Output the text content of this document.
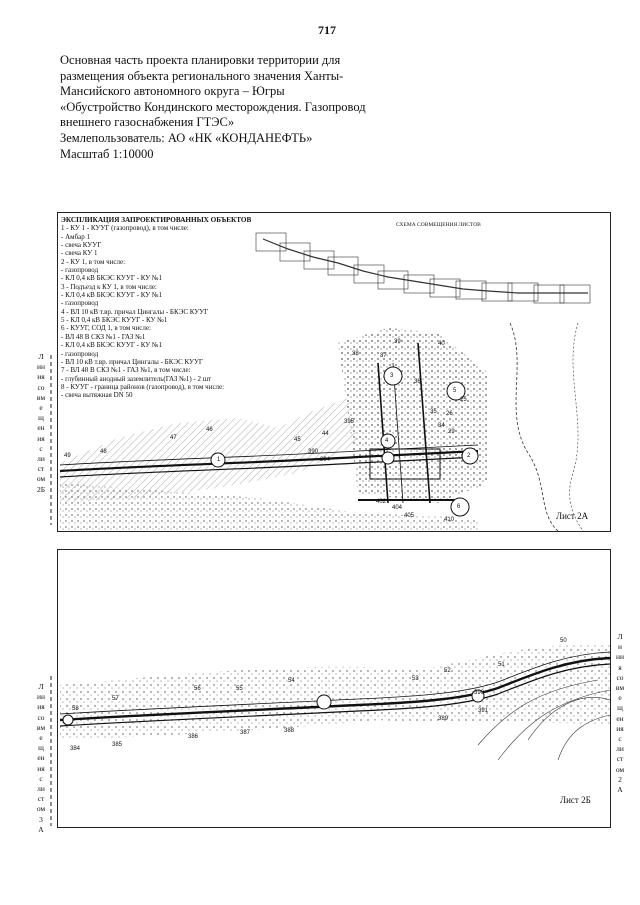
717
Основная часть проекта планировки территории для
размещения объекта регионального значения Ханты-
Мансийского автономного округа – Югры
«Обустройство Кондинского месторождения. Газопровод
внешнего газоснабжения ГТЭС»
Землепользователь: АО «НК «КОНДАНЕФТЬ»
Масштаб 1:10000
Л
ин
ия
со
вм
е
щ
ен
ия
с
ли
ст
ом
2Б
ЭКСПЛИКАЦИЯ ЗАПРОЕКТИРОВАННЫХ ОБЪЕКТОВ
1 - КУ 1 - КУУГ (газопровод), в том числе:
- Амбар 1
- свеча КУУГ
- свеча КУ 1
2 - КУ 1, в том числе:
- газопровод
- КЛ 0,4 кВ БКЭС КУУГ - КУ №1
3 - Подъезд к КУ 1, в том числе:
- КЛ 0,4 кВ БКЭС КУУГ - КУ №1
- газопровод
4 - ВЛ 10 кВ т.вр. причал Цингалы - БКЭС КУУГ
5 - КЛ 0,4 кВ БКЭС КУУГ - КУ №1
6 - КУУГ, СОД 1, в том числе:
- ВЛ 48 В СКЗ №1 - ГАЗ №1
- КЛ 0,4 кВ БКЭС КУУГ - КУ №1
- газопровод
- ВЛ 10 кВ т.вр. причал Цингалы - БКЭС КУУГ
7 - ВЛ 48 В СКЗ №1 - ГАЗ №1, в том числе:
- глубинный анодный заземлитель(ГАЗ №1) - 2 шт
8 - КУУГ - граница районов (газопровод), в том числе:
- свеча вытяжная DN 50
СХЕМА СОВМЕЩЕНИЯ ЛИСТОВ
49
48
47
46
45
44
38
39	40
37
36
35
34
29
25
26
390
394
395
402
404
405
410
1
2
3
4
5
6
Лист 2А
Л
ин
ия
со
вм
е
щ
ен
ия
с
ли
ст
ом
3
А
Л
и
ни
я
со
вм
е
щ
ен
ия
с
ли
ст
ом
2
А
58
57
56	55
54	53
52
51
50
384
385
386
387	388
389
390
391
Лист 2Б
